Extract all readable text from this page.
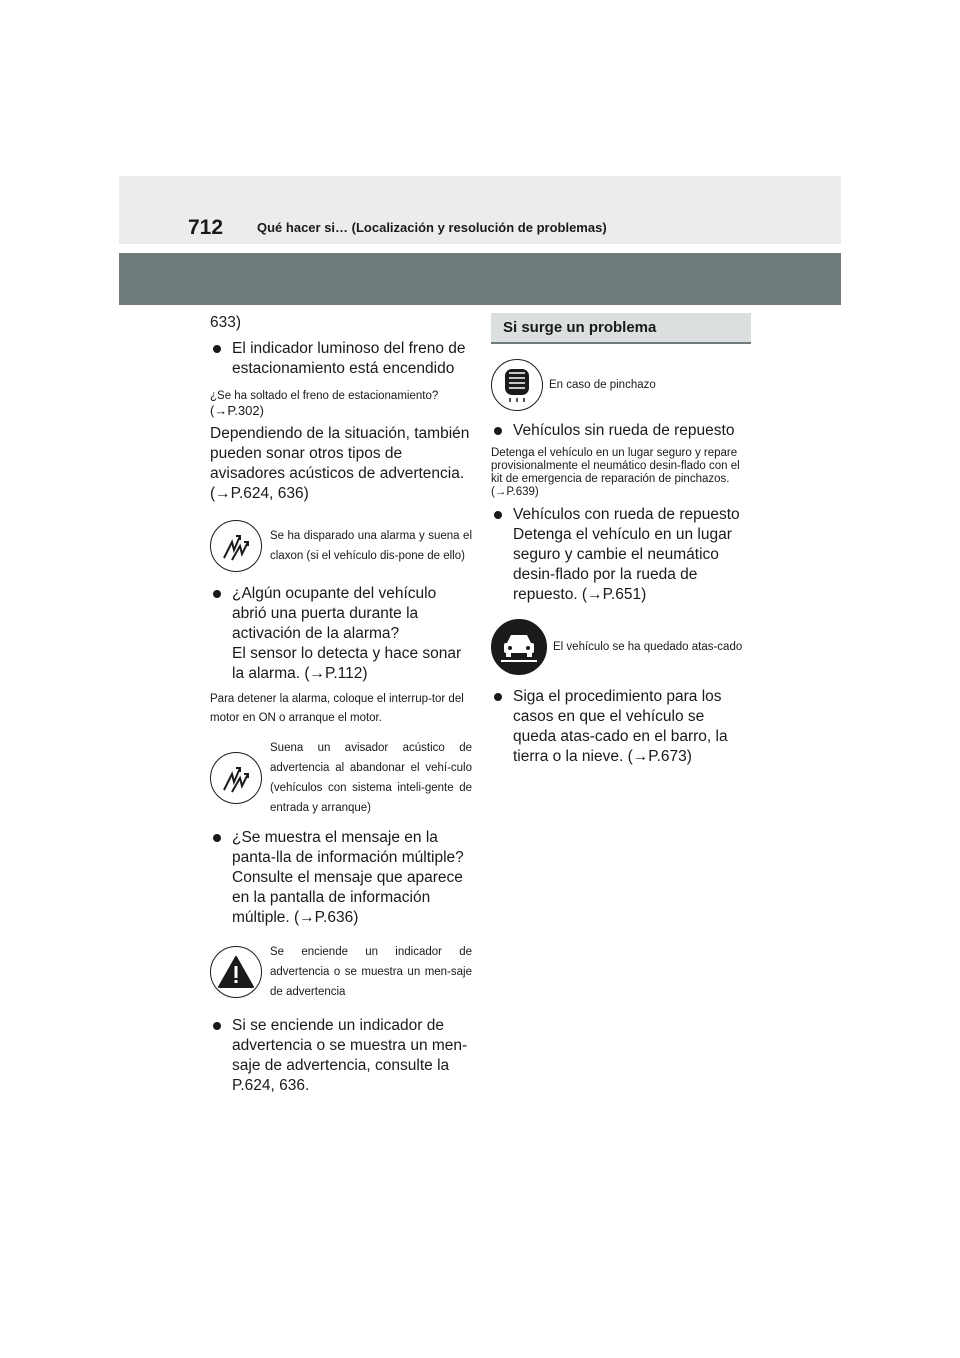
712	Qué hacer si… (Localización y resolución de problemas)

633)

El indicador luminoso del freno de estacionamiento está encendido

¿Se ha soltado el freno de estacionamiento?

(→P.302)

Dependiendo de la situación, también pueden sonar otros tipos de avisadores acústicos de advertencia. (→P.624, 636)

Se ha disparado una alarma y suena el claxon (si el vehículo dis-pone de ello)

¿Algún ocupante del vehículo abrió una puerta durante la activación de la alarma?

El sensor lo detecta y hace sonar la alarma. (→P.112)

Para detener la alarma, coloque el interrup-tor del motor en ON o arranque el motor.

Suena un avisador acústico de advertencia al abandonar el vehí-culo (vehículos con sistema inteli-gente de entrada y arranque)

¿Se muestra el mensaje en la panta-lla de información múltiple?

Consulte el mensaje que aparece en la pantalla de información múltiple. (→P.636)

Se enciende un indicador de advertencia o se muestra un men-saje de advertencia

Si se enciende un indicador de advertencia o se muestra un men-saje de advertencia, consulte la P.624, 636.

Si surge un problema
En caso de pinchazo

Vehículos sin rueda de repuesto

Detenga el vehículo en un lugar seguro y repare provisionalmente el neumático desin-flado con el kit de emergencia de reparación de pinchazos. (→P.639)

Vehículos con rueda de repuesto

Detenga el vehículo en un lugar seguro y cambie el neumático desin-flado por la rueda de repuesto. (→P.651)

El vehículo se ha quedado atas-cado

Siga el procedimiento para los casos en que el vehículo se queda atas-cado en el barro, la tierra o la nieve. (→P.673)
